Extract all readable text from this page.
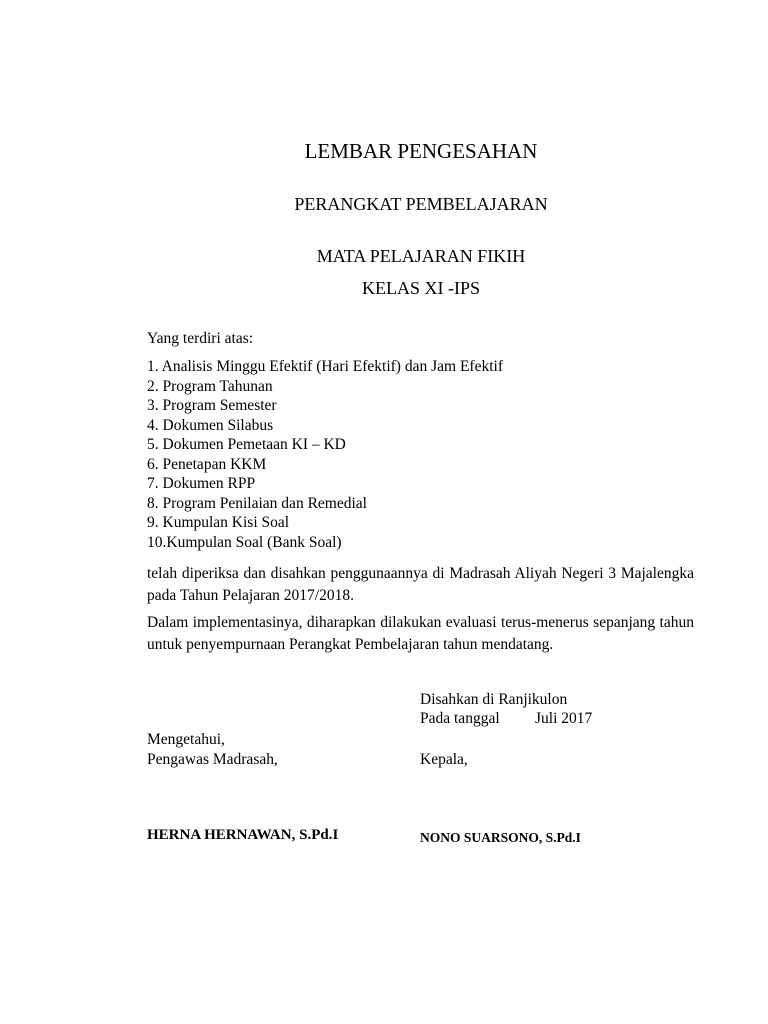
LEMBAR PENGESAHAN
PERANGKAT PEMBELAJARAN
MATA PELAJARAN FIKIH
KELAS XI -IPS
Yang terdiri atas:
1. Analisis Minggu Efektif (Hari Efektif) dan Jam Efektif
2. Program Tahunan
3. Program Semester
4. Dokumen Silabus
5. Dokumen Pemetaan KI – KD
6. Penetapan KKM
7. Dokumen RPP
8. Program Penilaian dan Remedial
9. Kumpulan Kisi Soal
10.Kumpulan Soal (Bank Soal)
telah diperiksa dan disahkan penggunaannya di Madrasah Aliyah Negeri 3 Majalengka pada Tahun Pelajaran 2017/2018.
Dalam implementasinya, diharapkan dilakukan evaluasi terus-menerus sepanjang tahun untuk penyempurnaan Perangkat Pembelajaran tahun mendatang.
Disahkan di Ranjikulon
Pada tanggal Juli 2017
Mengetahui,
Pengawas Madrasah,	Kepala,
HERNA HERNAWAN, S.Pd.I	NONO SUARSONO, S.Pd.I
